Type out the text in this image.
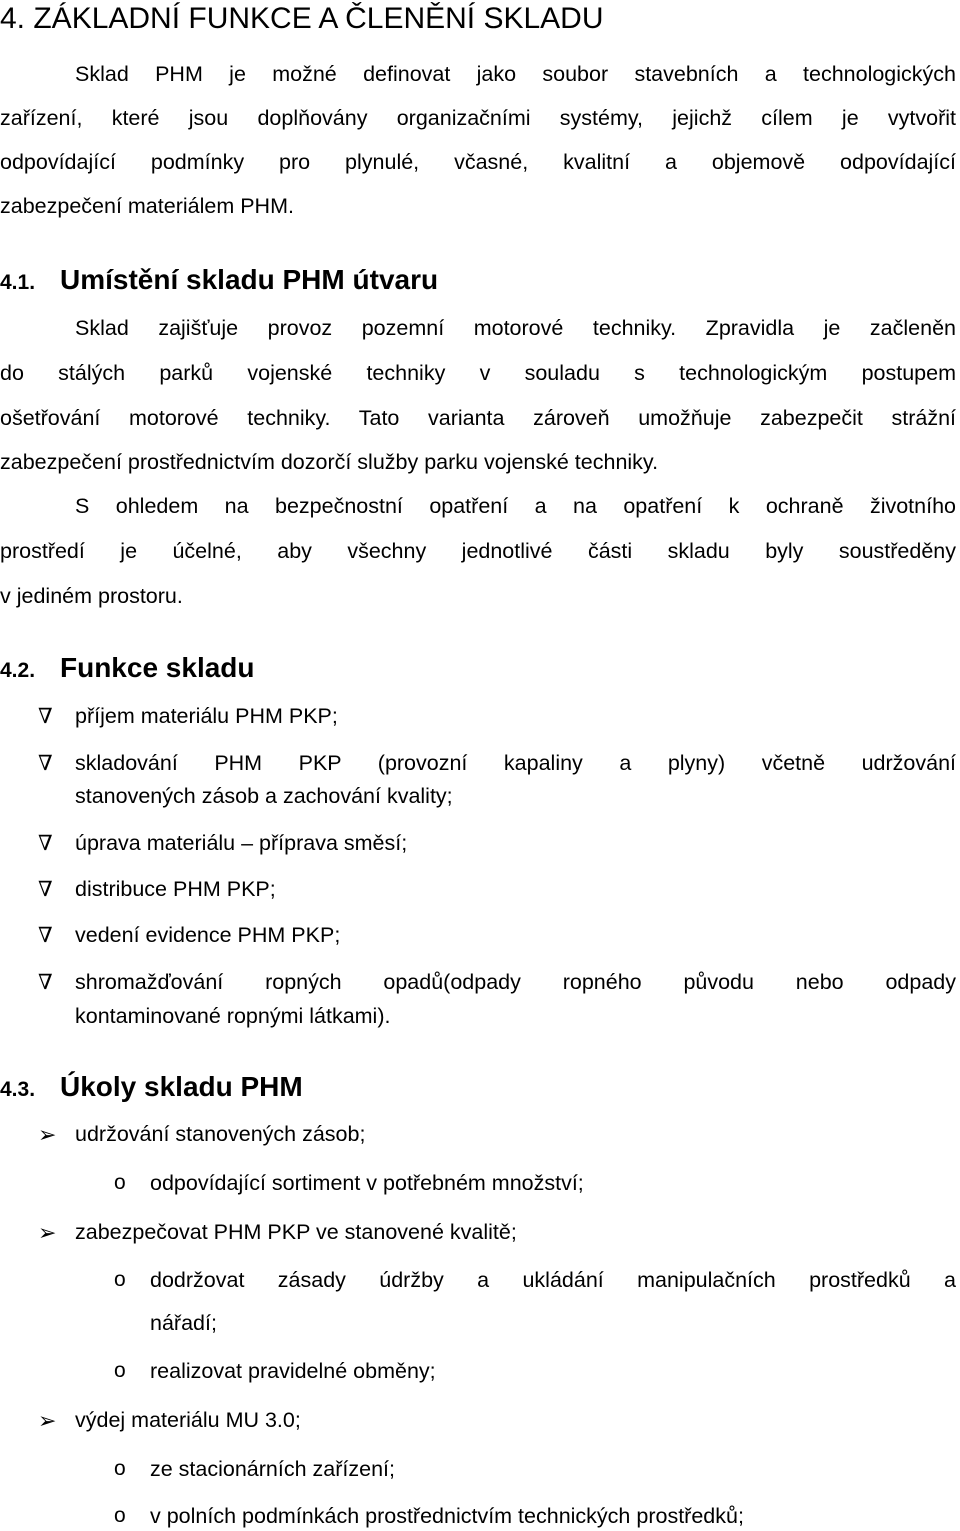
4. ZÁKLADNÍ FUNKCE A ČLENĚNÍ SKLADU
Sklad PHM je možné definovat jako soubor stavebních a technologických
zařízení, které jsou doplňovány organizačními systémy, jejichž cílem je vytvořit
odpovídající podmínky pro plynulé, včasné, kvalitní a objemově odpovídající
zabezpečení materiálem PHM.
4.1. Umístění skladu PHM útvaru
Sklad zajišťuje provoz pozemní motorové techniky. Zpravidla je začleněn
do stálých parků vojenské techniky v souladu s technologickým postupem
ošetřování motorové techniky. Tato varianta zároveň umožňuje zabezpečit strážní
zabezpečení prostřednictvím dozorčí služby parku vojenské techniky.
S ohledem na bezpečnostní opatření a na opatření k ochraně životního
prostředí je účelné, aby všechny jednotlivé části skladu byly soustředěny
v jediném prostoru.
4.2. Funkce skladu
∇ příjem materiálu PHM PKP;
∇ skladování PHM PKP (provozní kapaliny a plyny) včetně udržování
stanovených zásob a zachování kvality;
∇ úprava materiálu – příprava směsí;
∇ distribuce PHM PKP;
∇ vedení evidence PHM PKP;
∇ shromažďování ropných opadů(odpady ropného původu nebo odpady
kontaminované ropnými látkami).
4.3. Úkoly skladu PHM
➢ udržování stanovených zásob;
o odpovídající sortiment v potřebném množství;
➢ zabezpečovat PHM PKP ve stanovené kvalitě;
o dodržovat zásady údržby a ukládání manipulačních prostředků a
nářadí;
o realizovat pravidelné obměny;
➢ výdej materiálu MU 3.0;
o ze stacionárních zařízení;
o v polních podmínkách prostřednictvím technických prostředků;
